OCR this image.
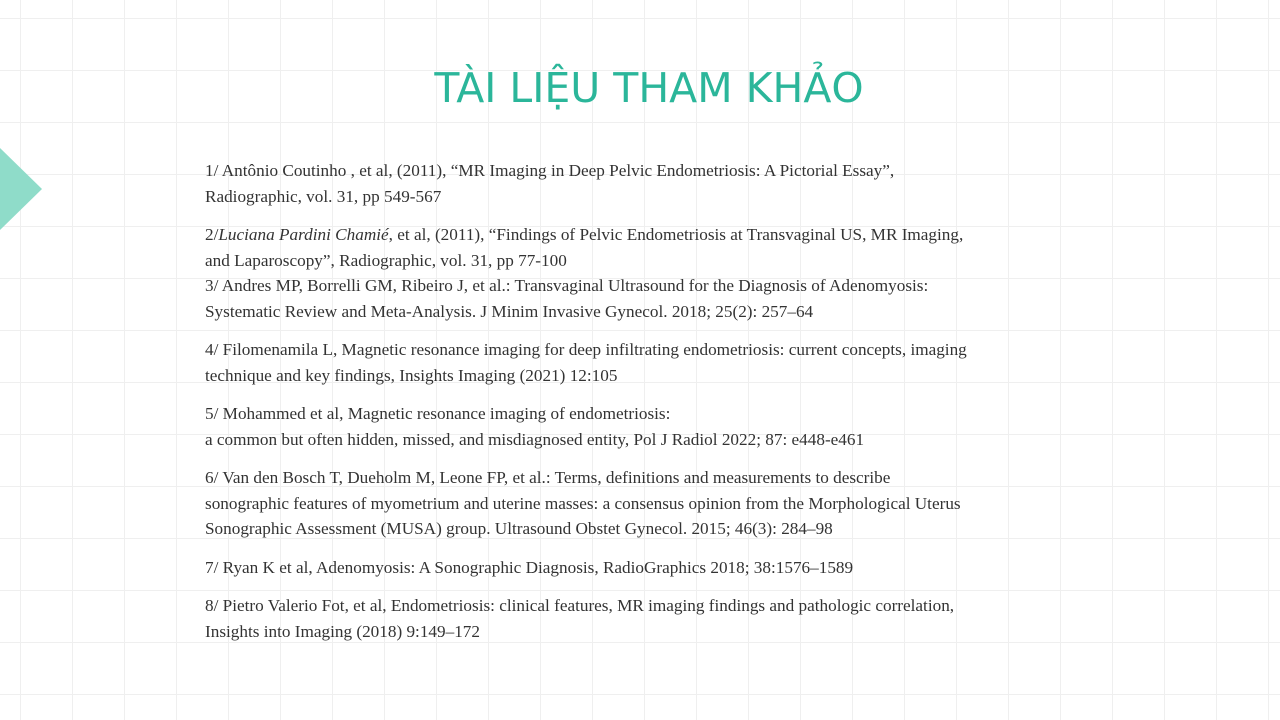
TÀI LIỆU THAM KHẢO

1/ Antônio Coutinho , et al, (2011), “MR Imaging in Deep Pelvic Endometriosis: A Pictorial Essay”,
Radiographic, vol. 31, pp 549-567

2/Luciana Pardini Chamié, et al, (2011), “Findings of Pelvic Endometriosis at Transvaginal US, MR Imaging,
and Laparoscopy”, Radiographic, vol. 31, pp 77-100

3/ Andres MP, Borrelli GM, Ribeiro J, et al.: Transvaginal Ultrasound for the Diagnosis of Adenomyosis:
Systematic Review and Meta-Analysis. J Minim Invasive Gynecol. 2018; 25(2): 257–64

4/ Filomenamila L, Magnetic resonance imaging for deep infiltrating endometriosis: current concepts, imaging
technique and key findings, Insights Imaging (2021) 12:105

5/ Mohammed et al, Magnetic resonance imaging of endometriosis:
a common but often hidden, missed, and misdiagnosed entity, Pol J Radiol 2022; 87: e448-e461

6/ Van den Bosch T, Dueholm M, Leone FP, et al.: Terms, definitions and measurements to describe
sonographic features of myometrium and uterine masses: a consensus opinion from the Morphological Uterus
Sonographic Assessment (MUSA) group. Ultrasound Obstet Gynecol. 2015; 46(3): 284–98

7/ Ryan K et al, Adenomyosis: A Sonographic Diagnosis, RadioGraphics 2018; 38:1576–1589

8/ Pietro Valerio Fot, et al, Endometriosis: clinical features, MR imaging findings and pathologic correlation,
Insights into Imaging (2018) 9:149–172
